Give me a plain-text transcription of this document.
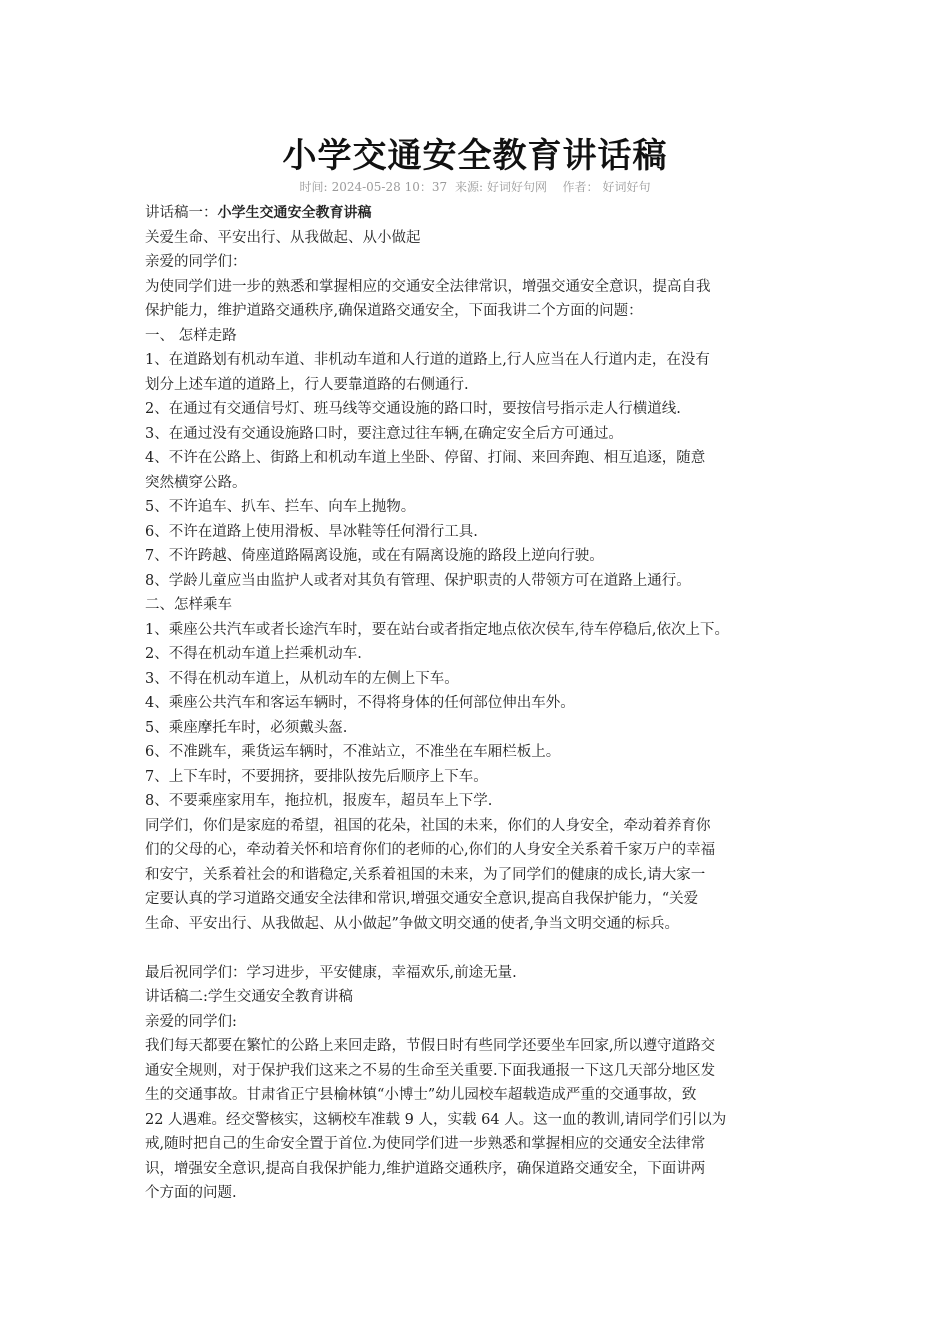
小学交通安全教育讲话稿
时间: 2024-05-28 10：37 来源: 好词好句网 作者： 好词好句

讲话稿一：小学生交通安全教育讲稿

关爱生命、平安出行、从我做起、从小做起

亲爱的同学们：

为使同学们进一步的熟悉和掌握相应的交通安全法律常识，增强交通安全意识，提高自我

保护能力，维护道路交通秩序,确保道路交通安全，下面我讲二个方面的问题：

一、 怎样走路

1、在道路划有机动车道、非机动车道和人行道的道路上,行人应当在人行道内走，在没有

划分上述车道的道路上，行人要靠道路的右侧通行.

2、在通过有交通信号灯、班马线等交通设施的路口时，要按信号指示走人行横道线.

3、在通过没有交通设施路口时，要注意过往车辆,在确定安全后方可通过。

4、不许在公路上、街路上和机动车道上坐卧、停留、打闹、来回奔跑、相互追逐，随意

突然横穿公路。

5、不许追车、扒车、拦车、向车上抛物。

6、不许在道路上使用滑板、旱冰鞋等任何滑行工具.

7、不许跨越、倚座道路隔离设施，或在有隔离设施的路段上逆向行驶。

8、学龄儿童应当由监护人或者对其负有管理、保护职责的人带领方可在道路上通行。

二、怎样乘车

1、乘座公共汽车或者长途汽车时，要在站台或者指定地点依次侯车,待车停稳后,依次上下。

2、不得在机动车道上拦乘机动车.

3、不得在机动车道上，从机动车的左侧上下车。

4、乘座公共汽车和客运车辆时，不得将身体的任何部位伸出车外。

5、乘座摩托车时，必须戴头盔.

6、不准跳车，乘货运车辆时，不准站立，不准坐在车厢栏板上。

7、上下车时，不要拥挤，要排队按先后顺序上下车。

8、不要乘座家用车，拖拉机，报废车，超员车上下学.

同学们，你们是家庭的希望，祖国的花朵，社国的未来，你们的人身安全，牵动着养育你

们的父母的心，牵动着关怀和培育你们的老师的心,你们的人身安全关系着千家万户的幸福

和安宁，关系着社会的和谐稳定,关系着祖国的未来，为了同学们的健康的成长,请大家一

定要认真的学习道路交通安全法律和常识,增强交通安全意识,提高自我保护能力，“关爱

生命、平安出行、从我做起、从小做起”争做文明交通的使者,争当文明交通的标兵。

最后祝同学们：学习进步，平安健康，幸福欢乐,前途无量.

讲话稿二:学生交通安全教育讲稿

亲爱的同学们:

我们每天都要在繁忙的公路上来回走路，节假日时有些同学还要坐车回家,所以遵守道路交

通安全规则，对于保护我们这来之不易的生命至关重要.下面我通报一下这几天部分地区发

生的交通事故。甘肃省正宁县榆林镇“小博士”幼儿园校车超载造成严重的交通事故，致

22 人遇难。经交警核实，这辆校车准载 9 人，实载 64 人。这一血的教训,请同学们引以为

戒,随时把自己的生命安全置于首位.为使同学们进一步熟悉和掌握相应的交通安全法律常

识，增强安全意识,提高自我保护能力,维护道路交通秩序，确保道路交通安全，下面讲两

个方面的问题.
